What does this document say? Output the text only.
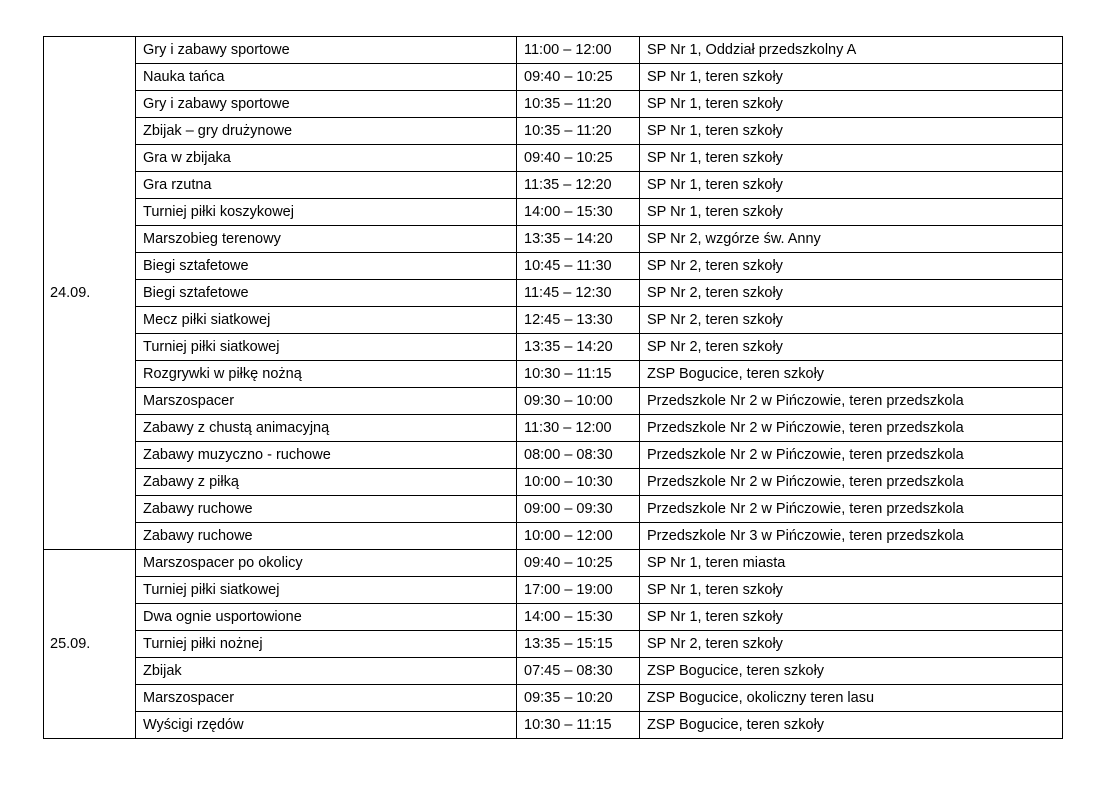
24.09.	Gry i zabawy sportowe	11:00 – 12:00	SP Nr 1, Oddział przedszkolny A
	Nauka tańca	09:40 – 10:25	SP Nr 1, teren szkoły
	Gry i zabawy sportowe	10:35 – 11:20	SP Nr 1, teren szkoły
	Zbijak – gry drużynowe	10:35 – 11:20	SP Nr 1, teren szkoły
	Gra w zbijaka	09:40 – 10:25	SP Nr 1, teren szkoły
	Gra rzutna	11:35 – 12:20	SP Nr 1, teren szkoły
	Turniej piłki koszykowej	14:00 – 15:30	SP Nr 1, teren szkoły
	Marszobieg terenowy	13:35 – 14:20	SP Nr 2, wzgórze św. Anny
	Biegi sztafetowe	10:45 – 11:30	SP Nr 2, teren szkoły
	Biegi sztafetowe	11:45 – 12:30	SP Nr 2, teren szkoły
	Mecz piłki siatkowej	12:45 – 13:30	SP Nr 2, teren szkoły
	Turniej piłki siatkowej	13:35 – 14:20	SP Nr 2, teren szkoły
	Rozgrywki w piłkę nożną	10:30 – 11:15	ZSP Bogucice, teren szkoły
	Marszospacer	09:30 – 10:00	Przedszkole Nr 2 w Pińczowie, teren przedszkola
	Zabawy z chustą animacyjną	11:30 – 12:00	Przedszkole Nr 2 w Pińczowie, teren przedszkola
	Zabawy muzyczno - ruchowe	08:00 – 08:30	Przedszkole Nr 2 w Pińczowie, teren przedszkola
	Zabawy z piłką	10:00 – 10:30	Przedszkole Nr 2 w Pińczowie, teren przedszkola
	Zabawy ruchowe	09:00 – 09:30	Przedszkole Nr 2 w Pińczowie, teren przedszkola
	Zabawy ruchowe	10:00 – 12:00	Przedszkole Nr 3 w Pińczowie, teren przedszkola
25.09.	Marszospacer po okolicy	09:40 – 10:25	SP Nr 1, teren miasta
	Turniej piłki siatkowej	17:00 – 19:00	SP Nr 1, teren szkoły
	Dwa ognie usportowione	14:00 – 15:30	SP Nr 1, teren szkoły
	Turniej piłki nożnej	13:35 – 15:15	SP Nr 2, teren szkoły
	Zbijak	07:45 – 08:30	ZSP Bogucice, teren szkoły
	Marszospacer	09:35 – 10:20	ZSP Bogucice, okoliczny teren lasu
	Wyścigi rzędów	10:30 – 11:15	ZSP Bogucice, teren szkoły
